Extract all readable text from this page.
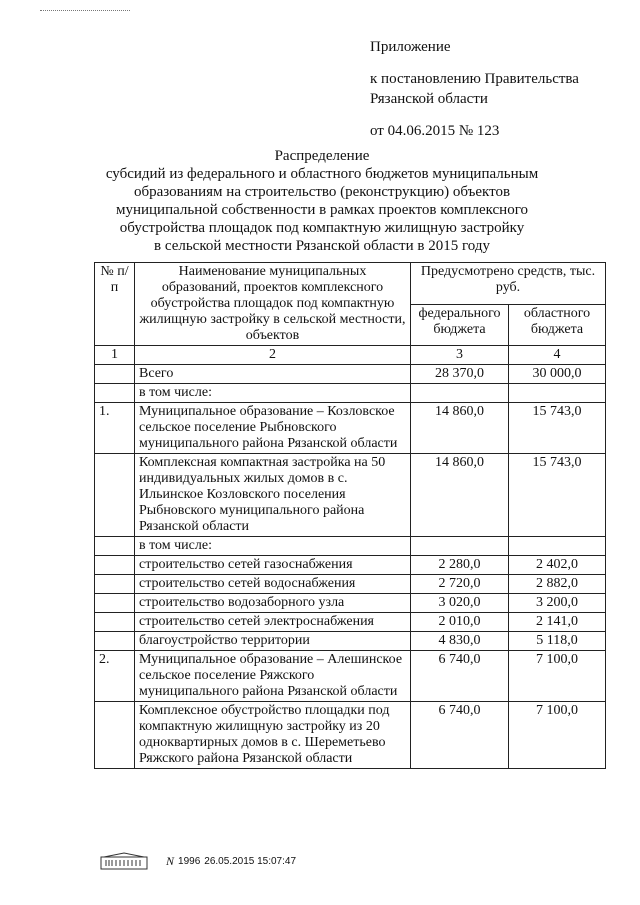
Приложение
к постановлению Правительства
Рязанской области
от 04.06.2015 № 123
Распределение
субсидий из федерального и областного бюджетов муниципальным
образованиям на строительство (реконструкцию) объектов
муниципальной собственности в рамках проектов комплексного
обустройства площадок под компактную жилищную застройку
в сельской местности Рязанской области в 2015 году
№ п/п	Наименование муниципальных образований, проектов комплексного обустройства площадок под компактную жилищную застройку в сельской местности, объектов	Предусмотрено средств, тыс. руб.	
		федерального бюджета	областного бюджета
1	2	3	4
	Всего	28 370,0	30 000,0
	в том числе:		
1.	Муниципальное образование – Козловское сельское поселение Рыбновского муниципального района Рязанской области	14 860,0	15 743,0
	Комплексная компактная застройка на 50 индивидуальных жилых домов в с. Ильинское Козловского поселения Рыбновского муниципального района Рязанской области	14 860,0	15 743,0
	в том числе:		
	строительство сетей газоснабжения	2 280,0	2 402,0
	строительство сетей водоснабжения	2 720,0	2 882,0
	строительство водозаборного узла	3 020,0	3 200,0
	строительство сетей электроснабжения	2 010,0	2 141,0
	благоустройство территории	4 830,0	5 118,0
2.	Муниципальное образование – Алешинское сельское поселение Ряжского муниципального района Рязанской области	6 740,0	7 100,0
	Комплексное обустройство площадки под компактную жилищную застройку из 20 одноквартирных домов в с. Шереметьево Ряжского района Рязанской области	6 740,0	7 100,0
N 1996 26.05.2015 15:07:47
